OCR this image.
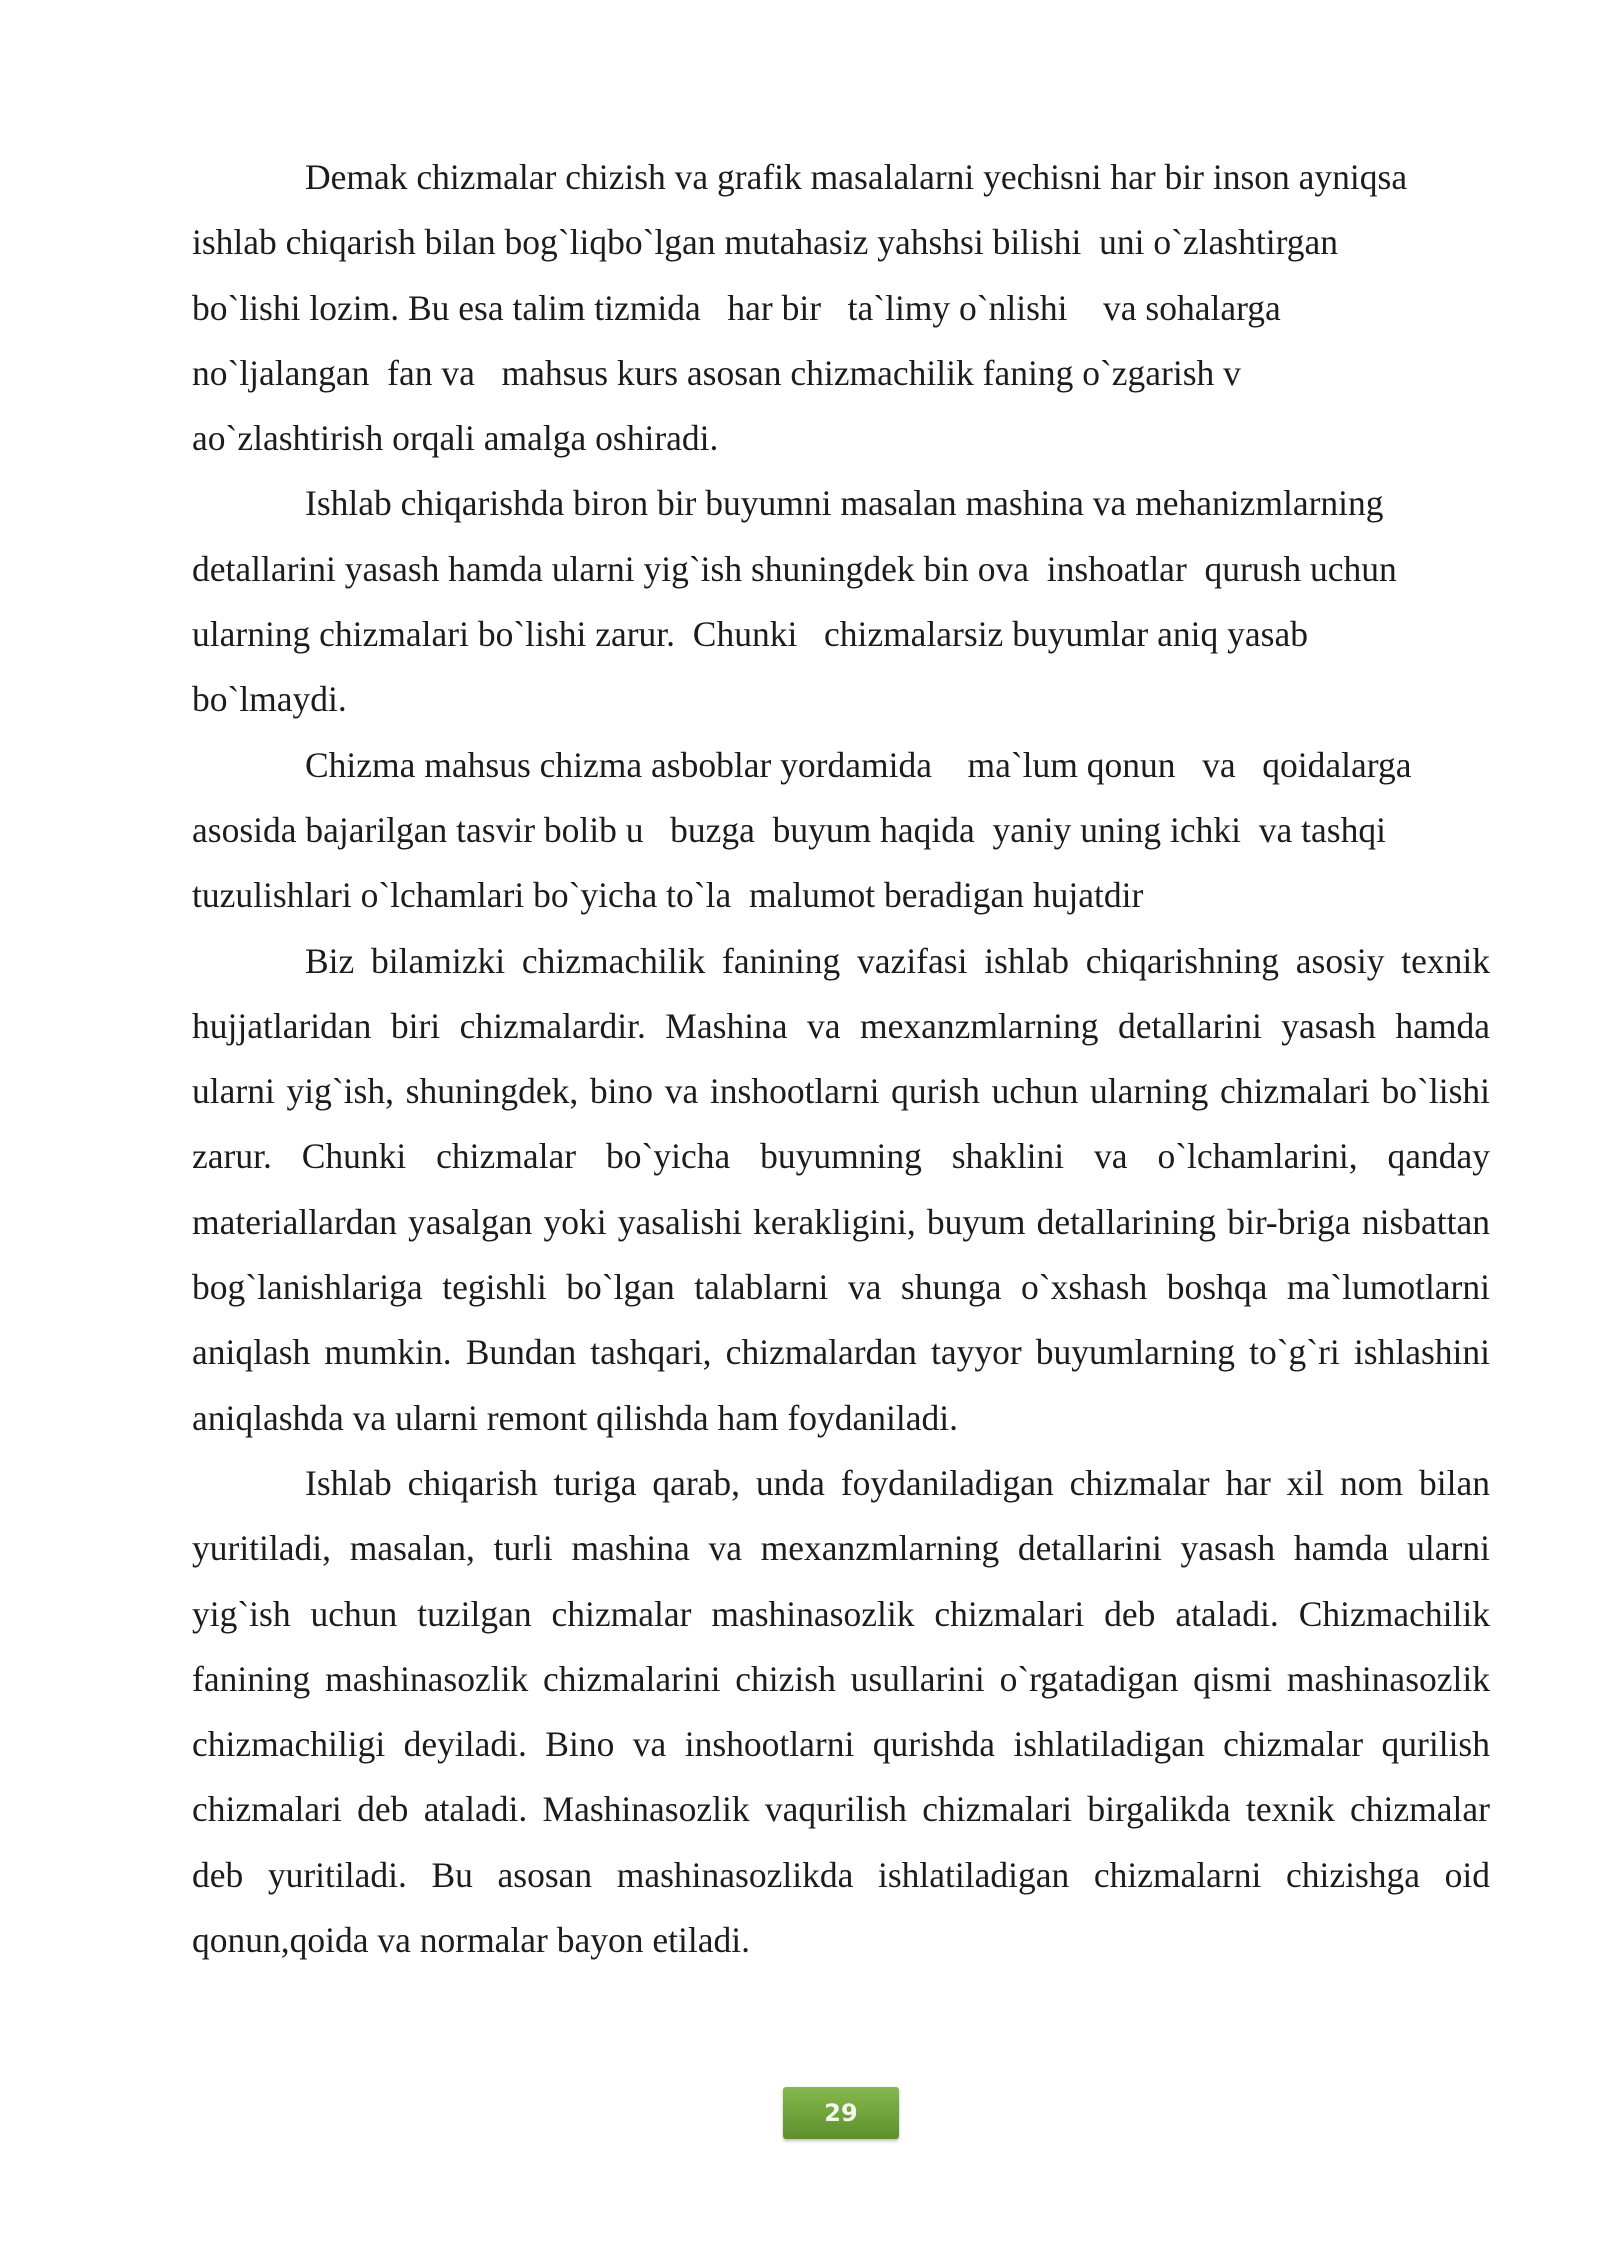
Demak chizmalar chizish va grafik masalalarni yechisni har bir inson ayniqsa
ishlab chiqarish bilan bog`liqbo`lgan mutahasiz yahshsi bilishi  uni o`zlashtirgan
bo`lishi lozim. Bu esa talim tizmida   har bir   ta`limy o`nlishi    va sohalarga
no`ljalangan  fan va   mahsus kurs asosan chizmachilik faning o`zgarish v
ao`zlashtirish orqali amalga oshiradi.

Ishlab chiqarishda biron bir buyumni masalan mashina va mehanizmlarning
detallarini yasash hamda ularni yig`ish shuningdek bin ova  inshoatlar  qurush uchun
ularning chizmalari bo`lishi zarur.  Chunki   chizmalarsiz buyumlar aniq yasab
bo`lmaydi.

Chizma mahsus chizma asboblar yordamida    ma`lum qonun   va   qoidalarga
asosida bajarilgan tasvir bolib u   buzga  buyum haqida  yaniy uning ichki  va tashqi
tuzulishlari o`lchamlari bo`yicha to`la  malumot beradigan hujatdir

Biz bilamizki chizmachilik fanining vazifasi ishlab chiqarishning asosiy texnik hujjatlaridan biri chizmalardir. Mashina va mexanzmlarning detallarini yasash hamda ularni yig`ish, shuningdek, bino va inshootlarni qurish uchun ularning chizmalari bo`lishi zarur. Chunki chizmalar bo`yicha buyumning shaklini va o`lchamlarini, qanday materiallardan yasalgan yoki yasalishi kerakligini, buyum detallarining bir-briga nisbattan bog`lanishlariga tegishli bo`lgan talablarni va shunga o`xshash boshqa ma`lumotlarni aniqlash mumkin. Bundan tashqari, chizmalardan tayyor buyumlarning to`g`ri ishlashini aniqlashda va ularni remont qilishda ham foydaniladi.

Ishlab chiqarish turiga qarab, unda foydaniladigan chizmalar har xil nom bilan yuritiladi, masalan, turli mashina va mexanzmlarning detallarini yasash hamda ularni yig`ish uchun tuzilgan chizmalar mashinasozlik chizmalari deb ataladi. Chizmachilik fanining mashinasozlik chizmalarini chizish usullarini o`rgatadigan qismi mashinasozlik chizmachiligi deyiladi. Bino va inshootlarni qurishda ishlatiladigan chizmalar qurilish chizmalari deb ataladi. Mashinasozlik vaqurilish chizmalari birgalikda texnik chizmalar deb yuritiladi. Bu asosan mashinasozlikda ishlatiladigan chizmalarni chizishga oid qonun,qoida va normalar bayon etiladi.

29
